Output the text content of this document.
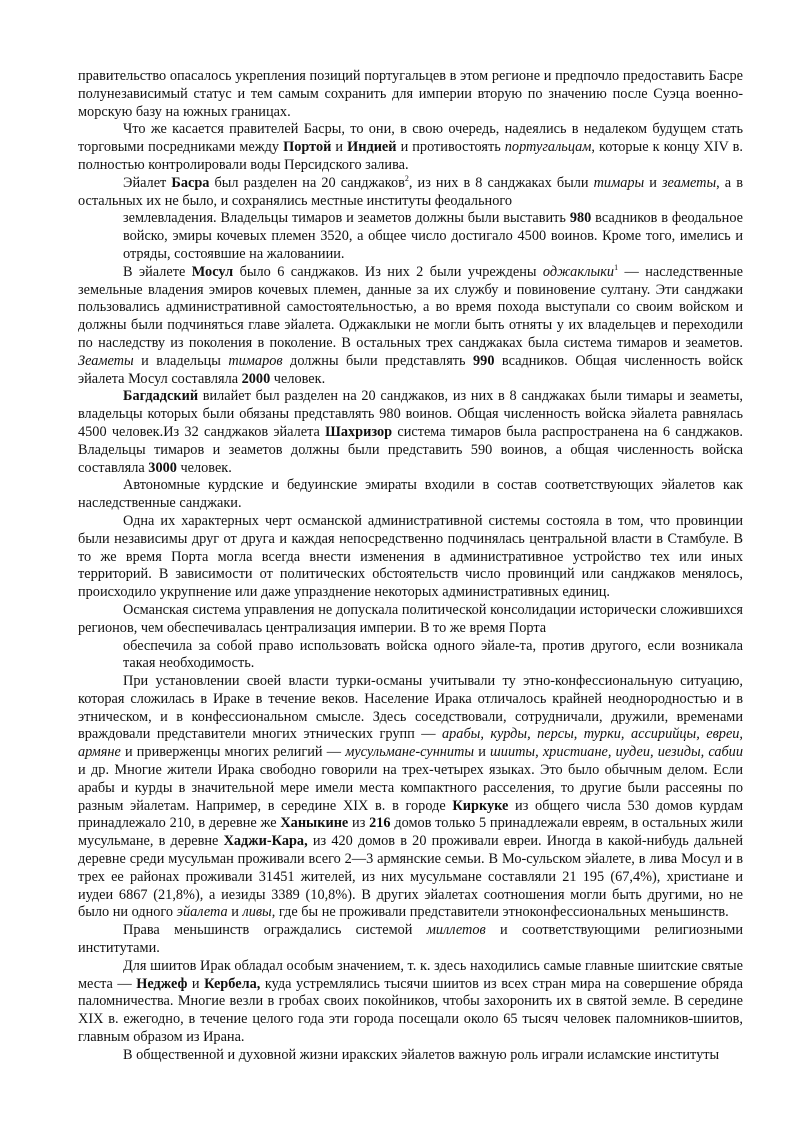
правительство опасалось укрепления позиций португальцев в этом регионе и предпочло предоставить Басре полунезависимый статус и тем самым сохранить для империи вторую по значению после Суэца военно-морскую базу на южных границах.

Что же касается правителей Басры, то они, в свою очередь, надеялись в недалеком будущем стать торговыми посредниками между Портой и Индией и противостоять португальцам, которые к концу XIV в. полностью контролировали воды Персидского залива.

Эйалет Басра был разделен на 20 санджаков$^2$, из них в 8 санджаках были тимары и зеаметы, а в остальных их не было, и сохранялись местные институты феодального

землевладения. Владельцы тимаров и зеаметов должны были выставить 980 всадников в феодальное войско, эмиры кочевых племен 3520, а общее число достигало 4500 воинов. Кроме того, имелись и отряды, состоявшие на жалованиии.

В эйалете Мосул было 6 санджаков. Из них 2 были учреждены оджаклыки$^1$ — наследственные земельные владения эмиров кочевых племен, данные за их службу и повиновение султану. Эти санджаки пользовались административной самостоятельностью, а во время похода выступали со своим войском и должны были подчиняться главе эйалета. Оджаклыки не могли быть отняты у их владельцев и переходили по наследству из поколения в поколение. В остальных трех санджаках была система тимаров и зеаметов. Зеаметы и владельцы тимаров должны были представлять 990 всадников. Общая численность войск эйалета Мосул составляла 2000 человек.

Багдадский вилайет был разделен на 20 санджаков, из них в 8 санджаках были тимары и зеаметы, владельцы которых были обязаны представлять 980 воинов. Общая численность войска эйалета равнялась 4500 человек.Из 32 санджаков эйалета Шахризор система тимаров была распространена на 6 санджаков. Владельцы тимаров и зеаметов должны были представить 590 воинов, а общая численность войска составляла 3000 человек.

Автономные курдские и бедуинские эмираты входили в состав соответствующих эйалетов как наследственные санджаки.

Одна их характерных черт османской административной системы состояла в том, что провинции были независимы друг от друга и каждая непосредственно подчинялась центральной власти в Стамбуле. В то же время Порта могла всегда внести изменения в административное устройство тех или иных территорий. В зависимости от политических обстоятельств число провинций или санджаков менялось, происходило укрупнение или даже упразднение некоторых административных единиц.

Османская система управления не допускала политической консолидации исторически сложившихся регионов, чем обеспечивалась централизация империи. В то же время Порта

обеспечила за собой право использовать войска одного эйале-та, против другого, если возникала такая необходимость.

При установлении своей власти турки-османы учитывали ту этно-конфессиональную ситуацию, которая сложилась в Ираке в течение веков. Население Ирака отличалось крайней неоднородностью и в этническом, и в конфессиональном смысле. Здесь соседствовали, сотрудничали, дружили, временами враждовали представители многих этнических групп — арабы, курды, персы, турки, ассирийцы, евреи, армяне и приверженцы многих религий — мусульмане-сунниты и шииты, христиане, иудеи, иезиды, сабии и др. Многие жители Ирака свободно говорили на трех-четырех языках. Это было обычным делом. Если арабы и курды в значительной мере имели места компактного расселения, то другие были рассеяны по разным эйалетам. Например, в середине XIX в. в городе Киркуке из общего числа 530 домов курдам принадлежало 210, в деревне же Ханыкине из 216 домов только 5 принадлежали евреям, в остальных жили мусульмане, в деревне Хаджи-Кара, из 420 домов в 20 проживали евреи. Иногда в какой-нибудь дальней деревне среди мусульман проживали всего 2—3 армянские семьи. В Мо-сульском эйалете, в лива Мосул и в трех ее районах проживали 31451 жителей, из них мусульмане составляли 21 195 (67,4%), христиане и иудеи 6867 (21,8%), а иезиды 3389 (10,8%). В других эйалетах соотношения могли быть другими, но не было ни одного эйалета и ливы, где бы не проживали представители этноконфессиональных меньшинств.

Права меньшинств ограждались системой миллетов и соответствующими религиозными институтами.

Для шиитов Ирак обладал особым значением, т. к. здесь находились самые главные шиитские святые места — Неджеф и Кербела, куда устремлялись тысячи шиитов из всех стран мира на совершение обряда паломничества. Многие везли в гробах своих покойников, чтобы захоронить их в святой земле. В середине XIX в. ежегодно, в течение целого года эти города посещали около 65 тысяч человек паломников-шиитов, главным образом из Ирана.

В общественной и духовной жизни иракских эйалетов важную роль играли исламские институты
